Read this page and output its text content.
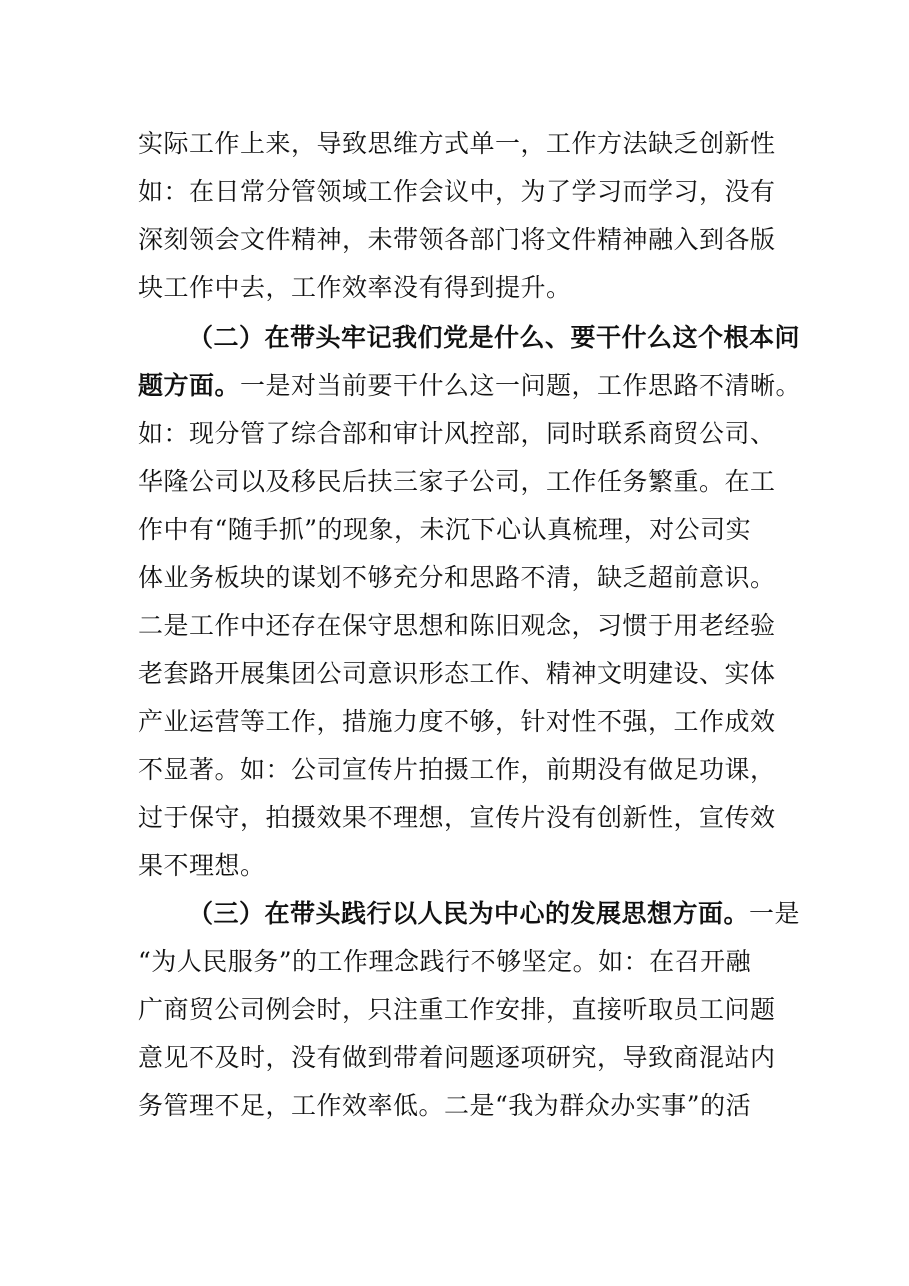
实际工作上来，导致思维方式单一，工作方法缺乏创新性
如：在日常分管领域工作会议中，为了学习而学习，没有
深刻领会文件精神，未带领各部门将文件精神融入到各版
块工作中去，工作效率没有得到提升。
（二）在带头牢记我们党是什么、要干什么这个根本问
题方面。一是对当前要干什么这一问题，工作思路不清晰。
如：现分管了综合部和审计风控部，同时联系商贸公司、
华隆公司以及移民后扶三家子公司，工作任务繁重。在工
作中有“随手抓”的现象，未沉下心认真梳理，对公司实
体业务板块的谋划不够充分和思路不清，缺乏超前意识。
二是工作中还存在保守思想和陈旧观念，习惯于用老经验
老套路开展集团公司意识形态工作、精神文明建设、实体
产业运营等工作，措施力度不够，针对性不强，工作成效
不显著。如：公司宣传片拍摄工作，前期没有做足功课，
过于保守，拍摄效果不理想，宣传片没有创新性，宣传效
果不理想。
（三）在带头践行以人民为中心的发展思想方面。一是
“为人民服务”的工作理念践行不够坚定。如：在召开融
广商贸公司例会时，只注重工作安排，直接听取员工问题
意见不及时，没有做到带着问题逐项研究，导致商混站内
务管理不足，工作效率低。二是“我为群众办实事”的活
